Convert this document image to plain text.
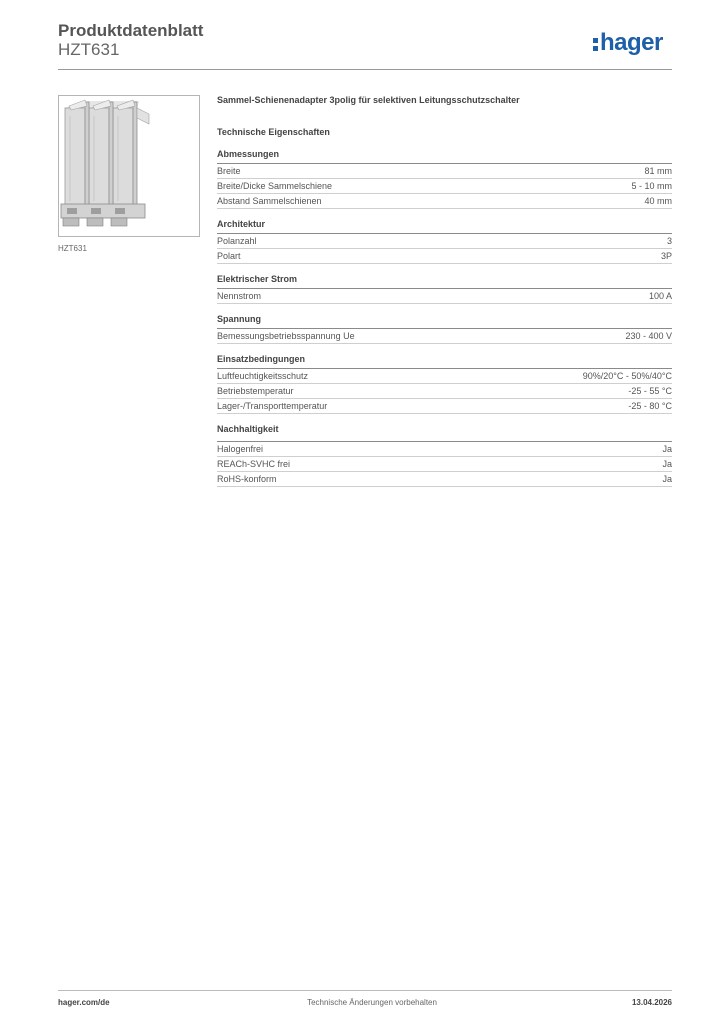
Produktdatenblatt
HZT631	hager
HZT631
Sammel-Schienenadapter 3polig für selektiven Leitungsschutzschalter
Technische Eigenschaften
Abmessungen
Breite	81 mm
Breite/Dicke Sammelschiene	5 - 10 mm
Abstand Sammelschienen	40 mm
Architektur
Polanzahl	3
Polart	3P
Elektrischer Strom
Nennstrom	100 A
Spannung
Bemessungsbetriebsspannung Ue	230 - 400 V
Einsatzbedingungen
Luftfeuchtigkeitsschutz	90%/20°C - 50%/40°C
Betriebstemperatur	-25 - 55 °C
Lager-/Transporttemperatur	-25 - 80 °C
Nachhaltigkeit
Halogenfrei	Ja
REACh-SVHC frei	Ja
RoHS-konform	Ja
hager.com/de	Technische Änderungen vorbehalten	13.04.2026
